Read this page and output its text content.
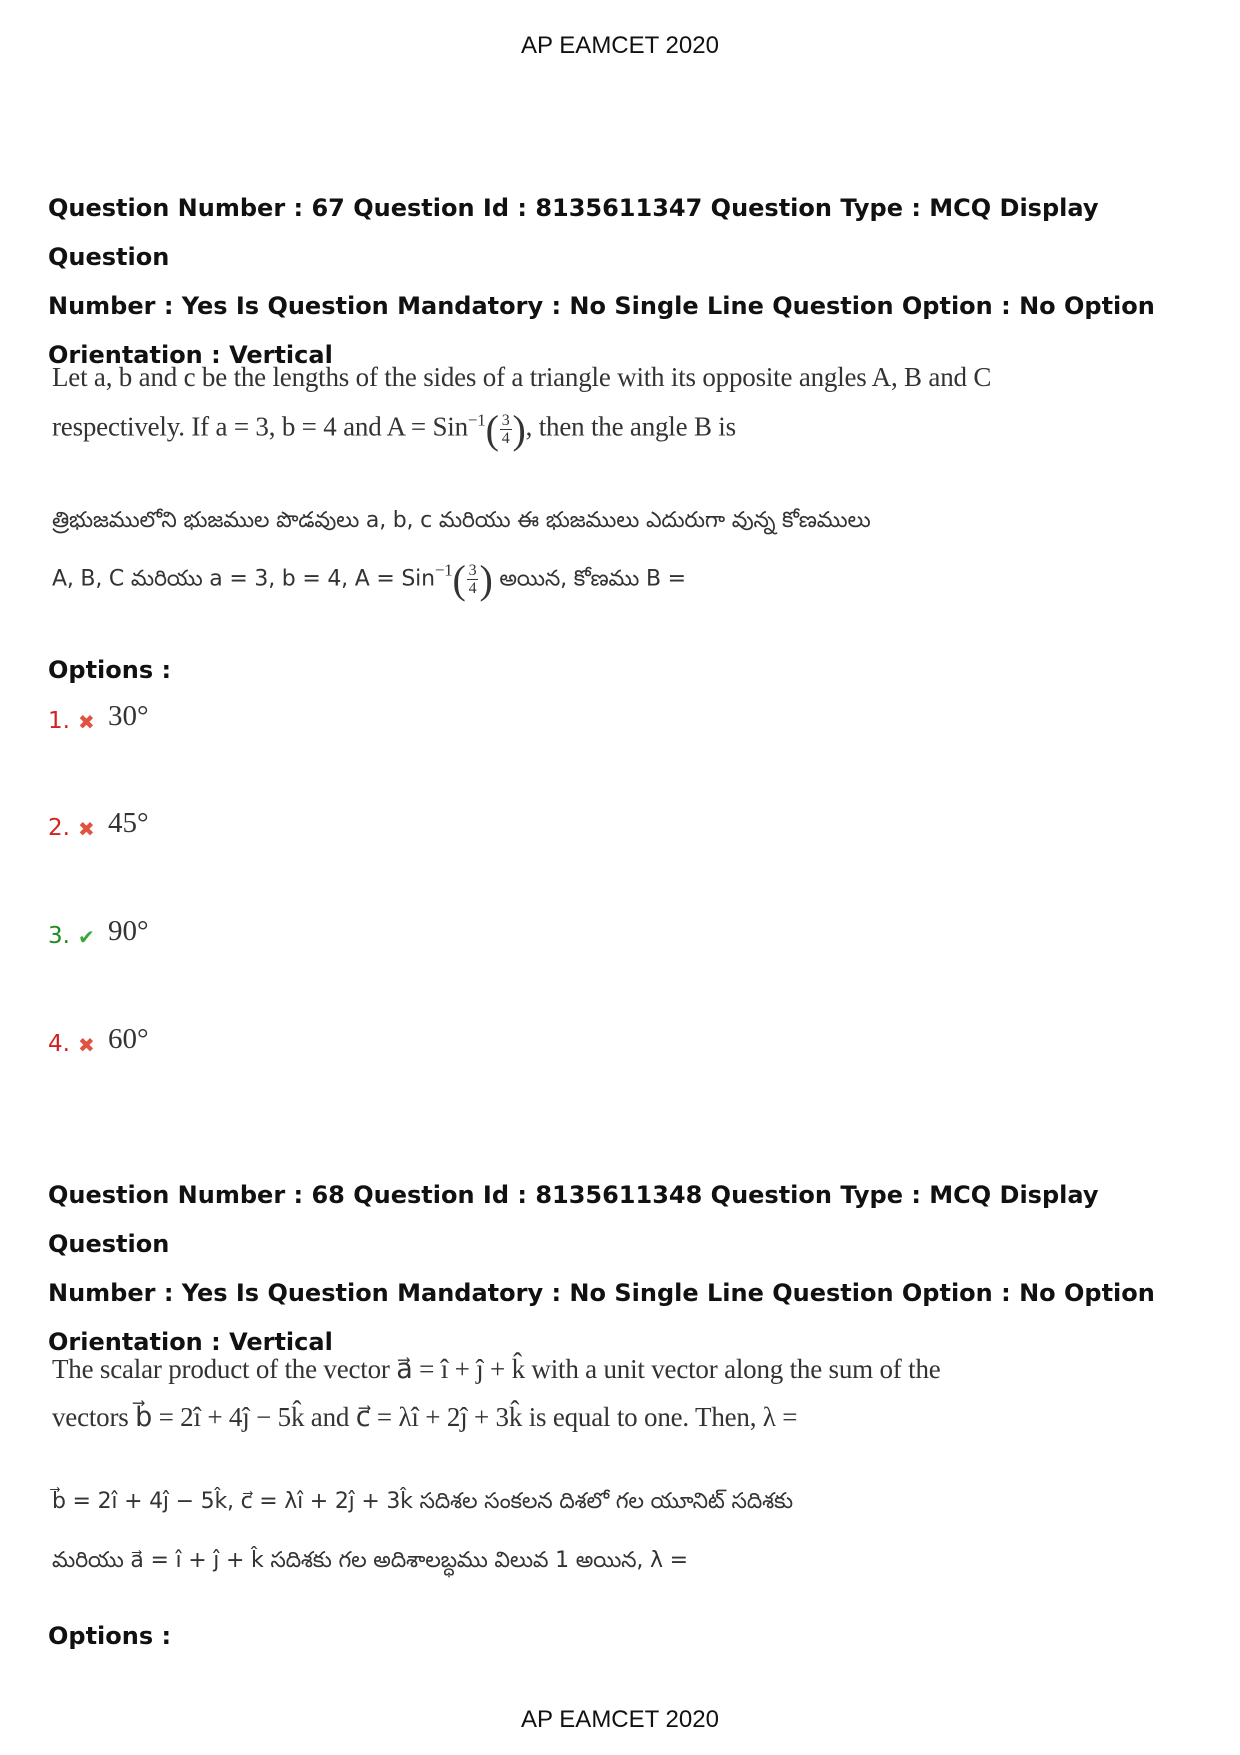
AP EAMCET 2020
Question Number : 67 Question Id : 8135611347 Question Type : MCQ Display Question
Number : Yes Is Question Mandatory : No Single Line Question Option : No Option
Orientation : Vertical
Let a, b and c be the lengths of the sides of a triangle with its opposite angles A, B and C
respectively. If a = 3, b = 4 and $A = Sin^{-1}( \frac{3}{4}$ ), then the angle B is
త్రిభుజములోని భుజముల పొడవులు a, b, c మరియు ఈ భుజములు ఎదురుగా వున్న కోణములు
A, B, C మరియు a = 3, b = 4, $A = Sin^{-1}( \frac{3}{4}$ ) అయిన, కోణము B =
Options :
1. ✖ 30°
2. ✖ 45°
3. ✔ 90°
4. ✖ 60°
Question Number : 68 Question Id : 8135611348 Question Type : MCQ Display Question
Number : Yes Is Question Mandatory : No Single Line Question Option : No Option
Orientation : Vertical
The scalar product of the vector a⃗ = î + ĵ + k̂ with a unit vector along the sum of the
vectors b⃗ = 2î + 4ĵ − 5k̂ and c⃗ = λî + 2ĵ + 3k̂ is equal to one. Then, λ =
b⃗ = 2î + 4ĵ − 5k̂, c⃗ = λî + 2ĵ + 3k̂ సదిశల సంకలన దిశలో గల యూనిట్ సదిశకు
మరియు a⃗ = î + ĵ + k̂ సదిశకు గల అదిశాలబ్ధము విలువ 1 అయిన, λ =
Options :
AP EAMCET 2020
